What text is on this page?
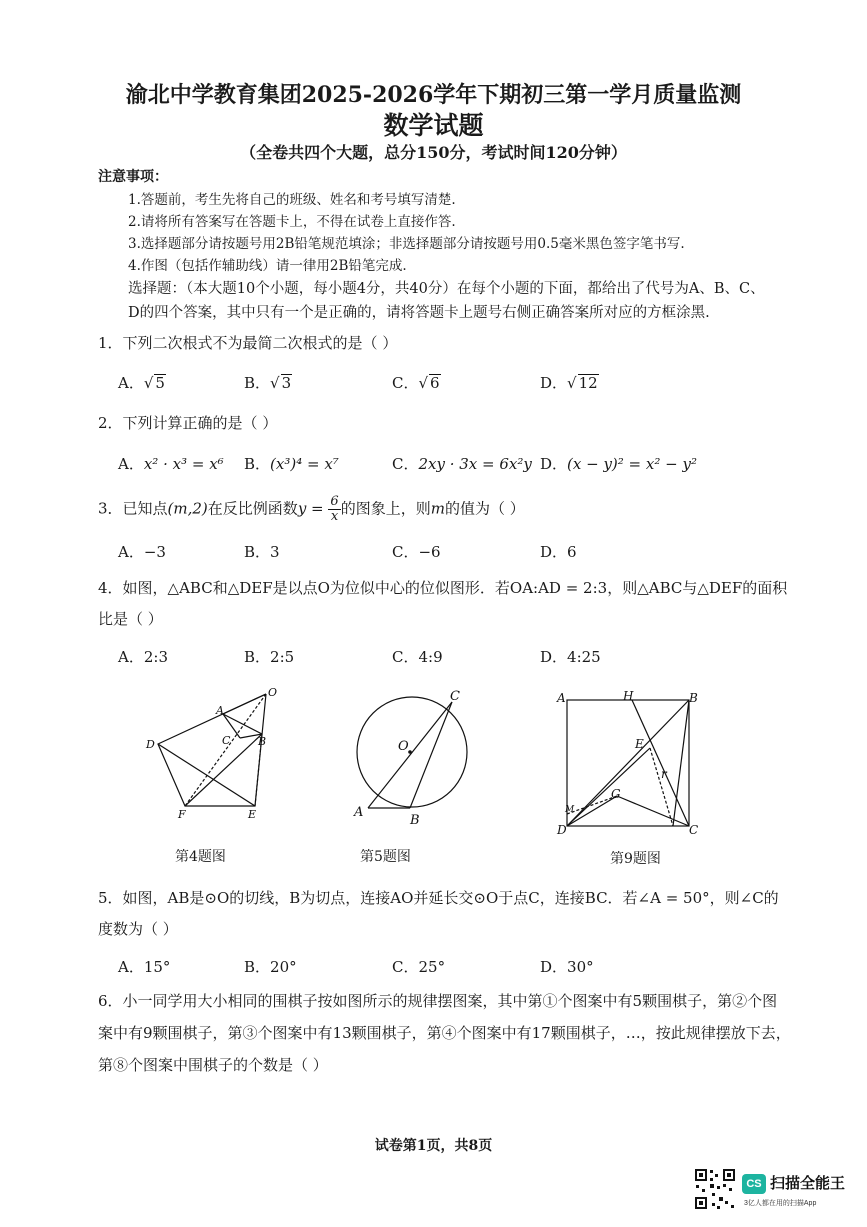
渝北中学教育集团2025-2026学年下期初三第一学月质量监测
数学试题
（全卷共四个大题，总分150分，考试时间120分钟）
注意事项：
1.答题前，考生先将自己的班级、姓名和考号填写清楚.
2.请将所有答案写在答题卡上，不得在试卷上直接作答.
3.选择题部分请按题号用2B铅笔规范填涂；非选择题部分请按题号用0.5毫米黑色签字笔书写.
4.作图（包括作辅助线）请一律用2B铅笔完成.
选择题：（本大题10个小题，每小题4分，共40分）在每个小题的下面，都给出了代号为A、B、C、
D的四个答案，其中只有一个是正确的，请将答题卡上题号右侧正确答案所对应的方框涂黑.
1．下列二次根式不为最简二次根式的是（ ）
A．√ 5	B．√ 3	C．√ 6	D．√ 12
2．下列计算正确的是（ ）
A．x² · x³ = x⁶ B．(x³)⁴ = x⁷	C．2xy · 3x = 6x²y D．(x − y)² = x² − y²
3．已知点(m,2)在反比例函数$y = \frac{6}{x}$ 的图象上，则m的值为（ ）
A．−3	B．3	C．−6	D．6
4．如图，△ABC和△DEF是以点O为位似中心的位似图形．若OA:AD = 2:3，则△ABC与△DEF的面积
比是（ ）
A．2:3	B．2:5	C．4:9	D．4:25
O
A
C	B
D
F	E
第4题图
C
O
A
B
第5题图
A	H	B
E
G
r
M
D	C
第9题图
5．如图，AB是⊙O的切线，B为切点，连接AO并延长交⊙O于点C，连接BC．若∠A = 50°，则∠C的
度数为（ ）
A．15°	B．20°	C．25°	D．30°
6．小一同学用大小相同的围棋子按如图所示的规律摆图案，其中第①个图案中有5颗围棋子，第②个图
案中有9颗围棋子，第③个图案中有13颗围棋子，第④个图案中有17颗围棋子，…，按此规律摆放下去，
第⑧个图案中围棋子的个数是（ ）
试卷第1页，共8页
CS 扫描全能王
3亿人都在用的扫描App
